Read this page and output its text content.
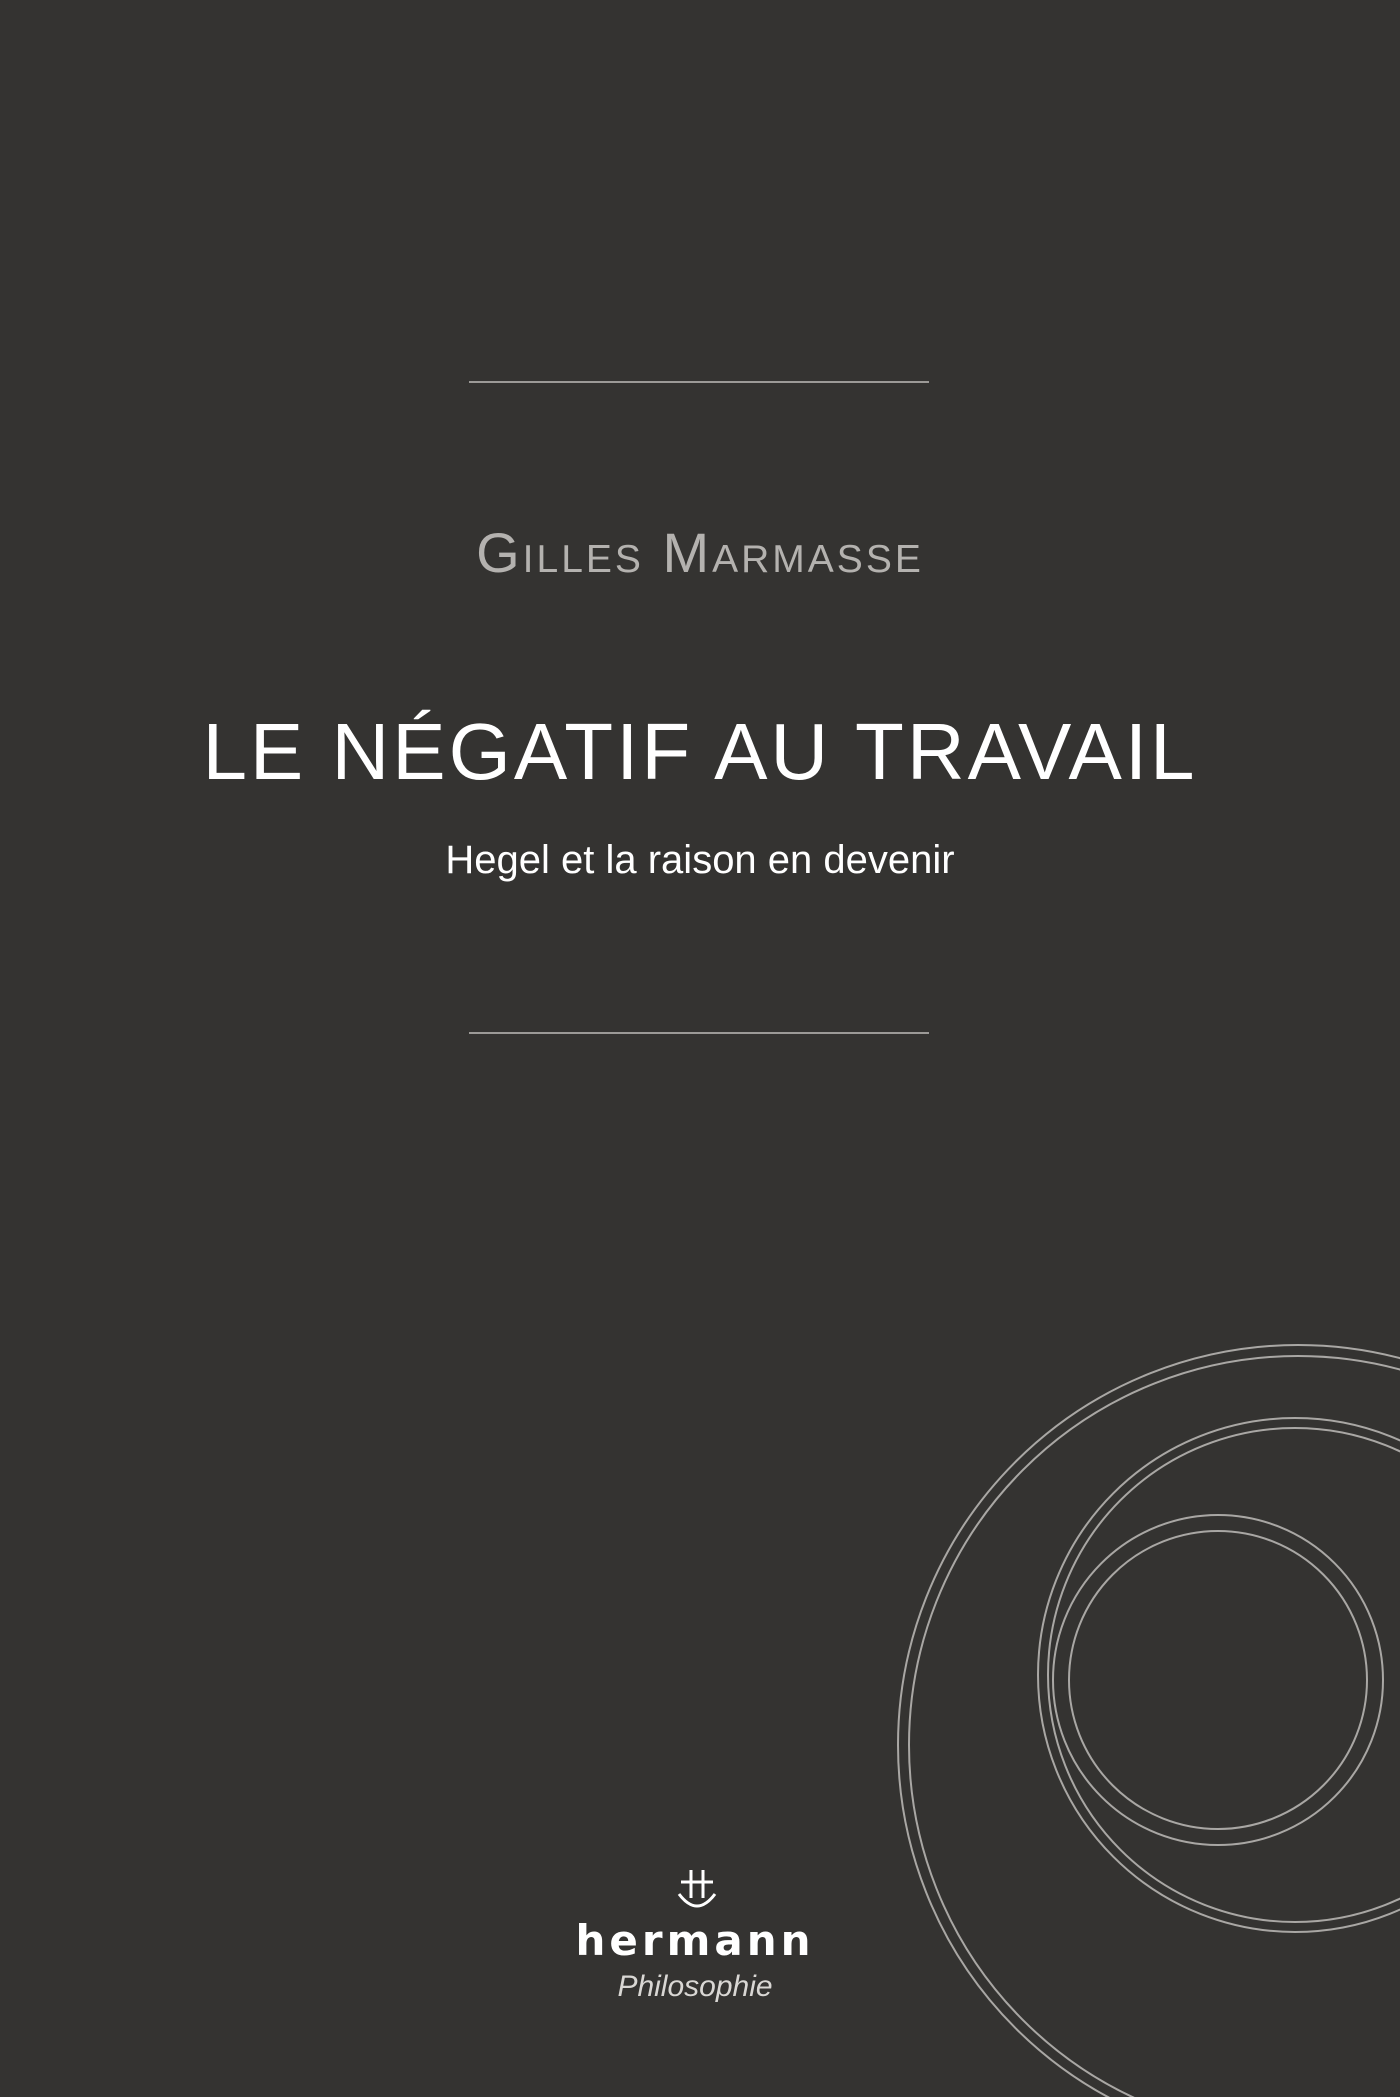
Gilles Marmasse
LE NÉGATIF AU TRAVAIL
Hegel et la raison en devenir
hermann
Philosophie
